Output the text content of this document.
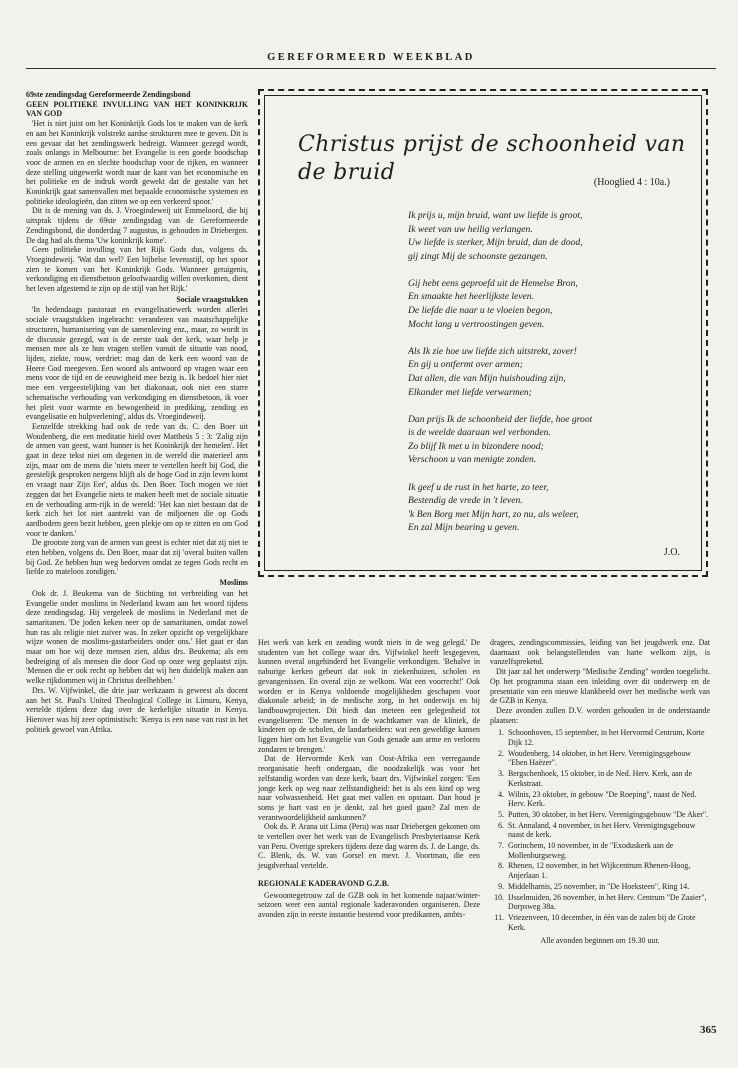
GEREFORMEERD WEEKBLAD
69ste zendingsdag Gereformeerde Zendingsbond
GEEN POLITIEKE INVULLING VAN HET KONINKRIJK VAN GOD

'Het is niet juist om het Koninkrijk Gods los te maken van de kerk en aan het Koninkrijk volstrekt aardse strukturen mee te geven. Dit is een gevaar dat het zendingswerk bedreigt. Wanneer gezegd wordt, zoals onlangs in Melbourne: het Evangelie is een goede boodschap voor de armen en en slechte boodschap voor de rijken, en wanneer deze stelling uitgewerkt wordt naar de kant van het economische en het politieke en de indruk wordt gewekt dat de gestalte van het Koninkrijk gaat samenvallen met bepaalde economische systemen en politieke ideologieën, dan zitten we op een verkeerd spoor.'

Dit is de mening van ds. J. Vroegindeweij uit Emmeloord, die hij uitsprak tijdens de 69ste zendingsdag van de Gereformeerde Zendingsbond, die donderdag 7 augustus, is gehouden in Driebergen. De dag had als thema 'Uw koninkrijk kome'.

Geen politieke invulling van het Rijk Gods dus, volgens ds. Vroegindeweij. 'Wat dan wel? Een bijbelse levensstijl, op het spoor zien te komen van het Koninkrijk Gods. Wanneer getuigenis, verkondiging en dienstbetoon geloofwaardig willen overkomen, dient het leven afgestemd te zijn op de stijl van het Rijk.'

Sociale vraagstukken

'In hedendaags pastoraat en evangelisatiewerk worden allerlei sociale vraagstukken ingebracht: veranderen van maatschappelijke structuren, humanisering van de samenleving enz., maar, zo wordt in de discussie gezegd, wat is de eerste taak der kerk, waar help je mensen mee als ze hun vragen stellen vanuit de situatie van nood, lijden, ziekte, rouw, verdriet: mag dan de kerk een woord van de Heere God meegeven. Een woord als antwoord op vragen waar een mens voor de tijd en de eeuwigheid mee bezig is. Ik bedoel hier niet mee een vergeestelijking van het diakonaat, ook niet een starre schematische verhouding van verkondiging en dienstbetoon, ik voer het pleit voor warmte en bewogenheid in prediking, zending en evangelisatie en hulpverlening', aldus ds. Vroegindeweij.

Eenzelfde strekking had ook de rede van ds. C. den Boer uit Woudenberg, die een meditatie hield over Mattheüs 5 : 3: 'Zalig zijn de armen van geest, want hunner is het Koninkrijk der hemelen'. Het gaat in deze tekst niet om degenen in de wereld die materieel arm zijn, maar om de mens die 'niets meer te vertellen heeft bij God, die geestelijk gesproken nergens blijft als de hoge God in zijn leven komt en vraagt naar Zijn Eer', aldus ds. Den Boer. Toch mogen we niet zeggen dat het Evangelie niets te maken heeft met de sociale situatie en de verhouding arm-rijk in de wereld: 'Het kan niet bestaan dat de kerk zich het lot niet aantrekt van de miljoenen die op Gods aardbodem geen bezit hebben, geen plekje om op te zitten en om God voor te danken.'

De grootste zorg van de armen van geest is echter niet dat zij niet te eten hebben, volgens ds. Den Boer, maar dat zij 'overal buiten vallen bij God. Ze hebben hun weg bedorven omdat ze tegen Gods recht en liefde zo mateloos zondigen.'

Moslims

Ook dr. J. Beukema van de Stichting tot verbreiding van het Evangelie onder moslims in Nederland kwam aan het woord tijdens deze zendingsdag. Hij vergeleek de moslims in Nederland met de samaritanen. 'De joden keken neer op de samaritanen, omdat zowel hun ras als religie niet zuiver was. In zeker opzicht op vergelijkbare wijze wonen de moslims-gastarbeiders onder ons.' Het gaat er dan maar om hoe wij deze mensen zien, aldus drs. Beukema; als een bedreiging of als mensen die door God op onze weg geplaatst zijn. 'Mensen die er ook recht op hebben dat wij hen duidelijk maken aan welke rijkdommen wij in Christus deelhebben.'

Drs. W. Vijfwinkel, die drie jaar werkzaam is geweest als docent aan het St. Paul's United Theological College in Limuru, Kenya, vertelde tijdens deze dag over de kerkelijke situatie in Kenya. Hierover was hij zeer optimistisch: 'Kenya is een oase van rust in het politiek gewoel van Afrika.

Christus prijst de schoonheid van de bruid	(Hooglied 4 : 10a.)
Ik prijs u, mijn bruid, want uw liefde is groot,
Ik weet van uw heilig verlangen.
Uw liefde is sterker, Mijn bruid, dan de dood,
gij zingt Mij de schoonste gezangen.
Gij hebt eens geproefd uit de Hemelse Bron,
En smaakte het heerlijkste leven.
De liefde die naar u te vloeien begon,
Mocht lang u vertroostingen geven.
Als Ik zie hoe uw liefde zich uitstrekt, zover!
En gij u ontfermt over armen;
Dat allen, die van Mijn huishouding zijn,
Elkander met liefde verwarmen;
Dan prijs Ik de schoonheid der liefde, hoe groot
is de weelde daaraan wel verbonden.
Zo blijf Ik met u in bizondere nood;
Verschoon u van menigte zonden.
Ik geef u de rust in het harte, zo teer,
Bestendig de vrede in 't leven.
'k Ben Borg met Mijn hart, zo nu, als weleer,
En zal Mijn bearing u geven.
J.O.

Het werk van kerk en zending wordt niets in de weg gelegd.' De studenten van het college waar drs. Vijfwinkel heeft lesgegeven, kunnen overal ongehinderd het Evangelie verkondigen. 'Behalve in naburige kerken gebeurt dat ook in ziekenhuizen, scholen en gevangenissen. En overal zijn ze welkom. Wat een voorrecht!' Ook worden er in Kenya voldoende mogelijkheden geschapen voor diakonale arbeid; in de medische zorg, in het onderwijs en bij landbouwprojecten. Dit biedt dan meteen een gelegenheid tot evangeliseren: 'De mensen in de wachtkamer van de kliniek, de kinderen op de scholen, de landarbeiders: wat een geweldige kansen liggen hier om het Evangelie van Gods genade aan arme en verloren zondaren te brengen.'

Dat de Hervormde Kerk van Oost-Afrika een verregaande reorganisatie heeft ondergaan, die noodzakelijk was voor het zelfstandig worden van deze kerk, baart drs. Vijfwinkel zorgen: 'Een jonge kerk op weg naar zelfstandigheid: het is als een kind op weg naar volwassenheid. Het gaat met vallen en opstaan. Dan houd je soms je hart vast en je denkt, zal het goed gaan? Zal men de verantwoordelijkheid aankunnen?'

Ook ds. P. Arana uit Lima (Peru) was naar Driebergen gekomen om te vertellen over het werk van de Evangelisch Presbyteriaanse Kerk van Peru. Overige sprekers tijdens deze dag waren ds. J. de Lange, ds. C. Blenk, ds. W. van Gorsel en mevr. J. Voortman, die een jeugdverhaal vertelde.

REGIONALE KADERAVOND G.Z.B.

Gewoontegetrouw zal de GZB ook in het komende najaar/winter-seizoen weer een aantal regionale kaderavonden organiseren. Deze avonden zijn in eerste instantie bestemd voor predikanten, ambts-

dragers, zendingscommissies, leiding van het jeugdwerk enz. Dat daarnaast ook belangstellenden van harte welkom zijn, is vanzelfsprekend.

Dit jaar zal het onderwerp "Medische Zending" worden toegelicht. Op het programma staan een inleiding over dit onderwerp en de presentatie van een nieuwe klankbeeld over het medische werk van de GZB in Kenya.

Deze avonden zullen D.V. worden gehouden in de onderstaande plaatsen:

1. Schoonhoven, 15 september, in het Hervormd Centrum, Korte Dijk 12.
2. Woudenberg, 14 oktober, in het Herv. Verenigingsgebouw "Eben Haëzer".
3. Bergschenhoek, 15 oktober, in de Ned. Herv. Kerk, aan de Kerkstraat.
4. Wilnis, 23 oktober, in gebouw "De Roeping", naast de Ned. Herv. Kerk.
5. Putten, 30 oktober, in het Herv. Verenigingsgebouw "De Aker".
6. St. Annaland, 4 november, in het Herv. Verenigingsgebouw naast de kerk.
7. Gorinchem, 10 november, in de "Exoduskerk aan de Mollenburgseweg.
8. Rhenen, 12 november, in het Wijkcentrum Rhenen-Hoog, Anjerlaan 1.
9. Middelharnis, 25 november, in "De Hoeksteen", Ring 14.
10. IJsselmuiden, 26 november, in het Herv. Centrum "De Zaaier", Dorpsweg 38a.
11. Vriezenveen, 10 december, in één van de zalen bij de Grote Kerk.

Alle avonden beginnen om 19.30 uur.

365
